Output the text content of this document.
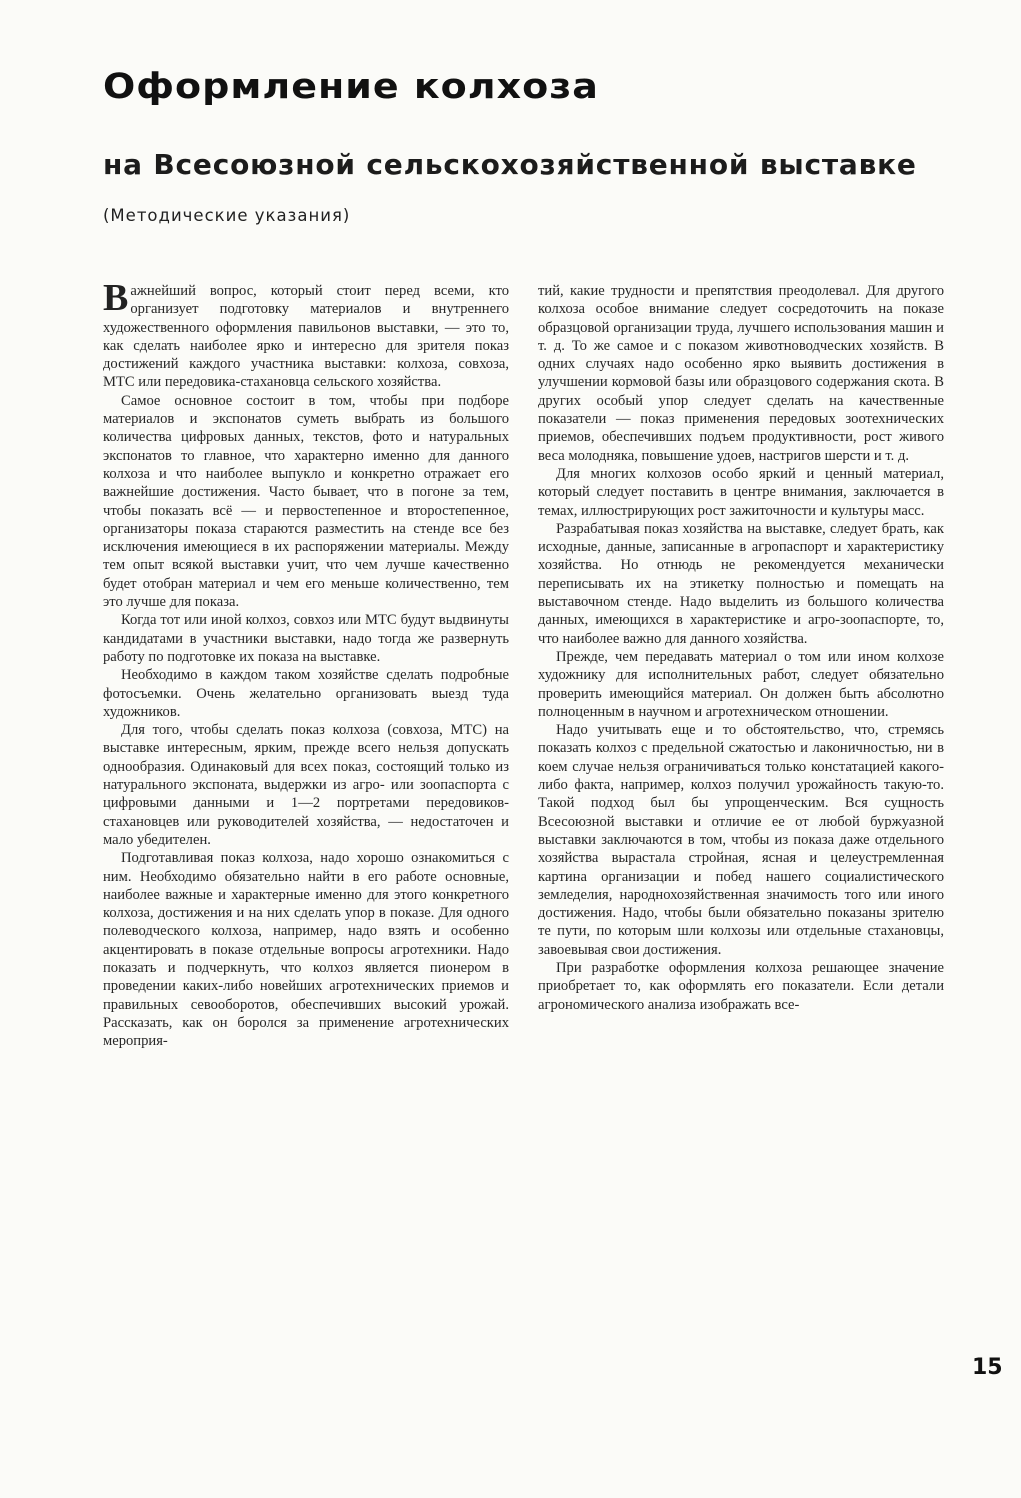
Оформление колхоза
на Всесоюзной сельскохозяйственной выставке
(Методические указания)

Важнейший вопрос, который стоит перед всеми, кто организует подготовку материалов и внутреннего художественного оформления павильонов выставки, — это то, как сделать наиболее ярко и интересно для зрителя показ достижений каждого участника выставки: колхоза, совхоза, МТС или передовика-стахановца сельского хозяйства.

Самое основное состоит в том, чтобы при подборе материалов и экспонатов суметь выбрать из большого количества цифровых данных, текстов, фото и натуральных экспонатов то главное, что характерно именно для данного колхоза и что наиболее выпукло и конкретно отражает его важнейшие достижения. Часто бывает, что в погоне за тем, чтобы показать всё — и первостепенное и второстепенное, организаторы показа стараются разместить на стенде все без исключения имеющиеся в их распоряжении материалы. Между тем опыт всякой выставки учит, что чем лучше качественно будет отобран материал и чем его меньше количественно, тем это лучше для показа.

Когда тот или иной колхоз, совхоз или МТС будут выдвинуты кандидатами в участники выставки, надо тогда же развернуть работу по подготовке их показа на выставке.

Необходимо в каждом таком хозяйстве сделать подробные фотосъемки. Очень желательно организовать выезд туда художников.

Для того, чтобы сделать показ колхоза (совхоза, МТС) на выставке интересным, ярким, прежде всего нельзя допускать однообразия. Одинаковый для всех показ, состоящий только из натурального экспоната, выдержки из агро- или зоопаспорта с цифровыми данными и 1—2 портретами передовиков-стахановцев или руководителей хозяйства, — недостаточен и мало убедителен.

Подготавливая показ колхоза, надо хорошо ознакомиться с ним. Необходимо обязательно найти в его работе основные, наиболее важные и характерные именно для этого конкретного колхоза, достижения и на них сделать упор в показе. Для одного полеводческого колхоза, например, надо взять и особенно акцентировать в показе отдельные вопросы агротехники. Надо показать и подчеркнуть, что колхоз является пионером в проведении каких-либо новейших агротехнических приемов и правильных севооборотов, обеспечивших высокий урожай. Рассказать, как он боролся за применение агротехнических мероприя-

тий, какие трудности и препятствия преодолевал. Для другого колхоза особое внимание следует сосредоточить на показе образцовой организации труда, лучшего использования машин и т. д. То же самое и с показом животноводческих хозяйств. В одних случаях надо особенно ярко выявить достижения в улучшении кормовой базы или образцового содержания скота. В других особый упор следует сделать на качественные показатели — показ применения передовых зоотехнических приемов, обеспечивших подъем продуктивности, рост живого веса молодняка, повышение удоев, настригов шерсти и т. д.

Для многих колхозов особо яркий и ценный материал, который следует поставить в центре внимания, заключается в темах, иллюстрирующих рост зажиточности и культуры масс.

Разрабатывая показ хозяйства на выставке, следует брать, как исходные, данные, записанные в агропаспорт и характеристику хозяйства. Но отнюдь не рекомендуется механически переписывать их на этикетку полностью и помещать на выставочном стенде. Надо выделить из большого количества данных, имеющихся в характеристике и агро-зоопаспорте, то, что наиболее важно для данного хозяйства.

Прежде, чем передавать материал о том или ином колхозе художнику для исполнительных работ, следует обязательно проверить имеющийся материал. Он должен быть абсолютно полноценным в научном и агротехническом отношении.

Надо учитывать еще и то обстоятельство, что, стремясь показать колхоз с предельной сжатостью и лаконичностью, ни в коем случае нельзя ограничиваться только констатацией какого-либо факта, например, колхоз получил урожайность такую-то. Такой подход был бы упрощенческим. Вся сущность Всесоюзной выставки и отличие ее от любой буржуазной выставки заключаются в том, чтобы из показа даже отдельного хозяйства вырастала стройная, ясная и целеустремленная картина организации и побед нашего социалистического земледелия, народнохозяйственная значимость того или иного достижения. Надо, чтобы были обязательно показаны зрителю те пути, по которым шли колхозы или отдельные стахановцы, завоевывая свои достижения.

При разработке оформления колхоза решающее значение приобретает то, как оформлять его показатели. Если детали агрономического анализа изображать все-

15
